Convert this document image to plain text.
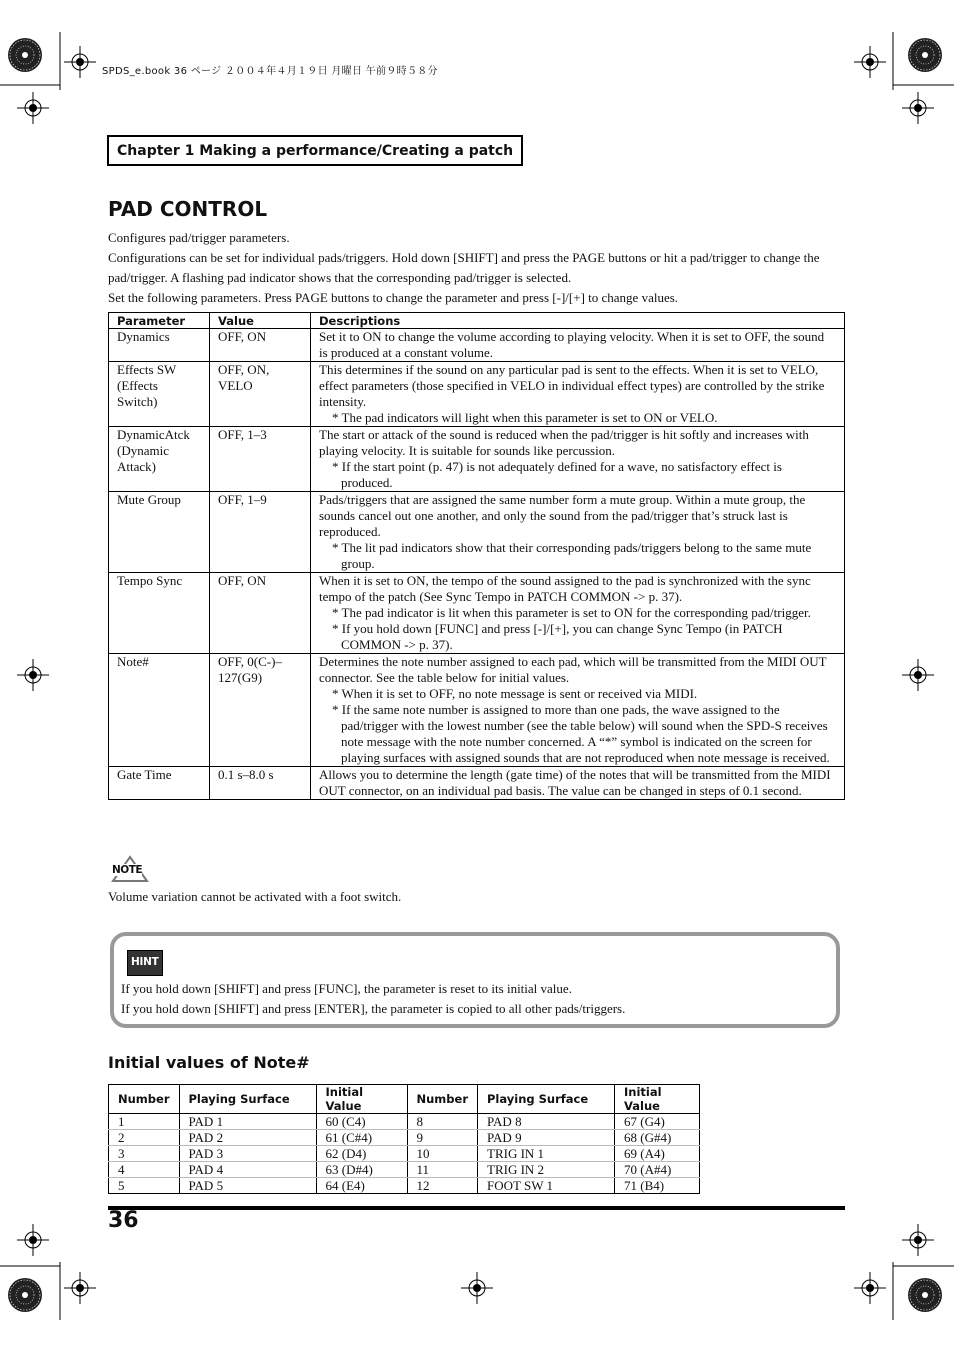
SPDS_e.book 36 ページ ２００４年４月１９日 月曜日 午前９時５８分
Chapter 1 Making a performance/Creating a patch
PAD CONTROL
Configures pad/trigger parameters.
Configurations can be set for individual pads/triggers. Hold down [SHIFT] and press the PAGE buttons or hit a pad/trigger to change the pad/trigger. A flashing pad indicator shows that the corresponding pad/trigger is selected.
Set the following parameters. Press PAGE buttons to change the parameter and press [-]/[+] to change values.
Parameter	Value	Descriptions
Dynamics	OFF, ON	Set it to ON to change the volume according to playing velocity. When it is set to OFF, the sound is produced at a constant volume.

Effects SW (Effects Switch)	OFF, ON, VELO	This determines if the sound on any particular pad is sent to the effects. When it is set to VELO, effect parameters (those specified in VELO in individual effect types) are controlled by the strike intensity.
* The pad indicators will light when this parameter is set to ON or VELO.

DynamicAtck (Dynamic Attack)	OFF, 1–3	The start or attack of the sound is reduced when the pad/trigger is hit softly and increases with playing velocity. It is suitable for sounds like percussion.
* If the start point (p. 47) is not adequately defined for a wave, no satisfactory effect is produced.

Mute Group	OFF, 1–9	Pads/triggers that are assigned the same number form a mute group. Within a mute group, the sounds cancel out one another, and only the sound from the pad/trigger that’s struck last is reproduced.
* The lit pad indicators show that their corresponding pads/triggers belong to the same mute group.

Tempo Sync	OFF, ON	When it is set to ON, the tempo of the sound assigned to the pad is synchronized with the sync tempo of the patch (See Sync Tempo in PATCH COMMON -> p. 37).
* The pad indicator is lit when this parameter is set to ON for the corresponding pad/trigger.
* If you hold down [FUNC] and press [-]/[+], you can change Sync Tempo (in PATCH COMMON -> p. 37).

Note#	OFF, 0(C-)–127(G9)	Determines the note number assigned to each pad, which will be transmitted from the MIDI OUT connector. See the table below for initial values.
* When it is set to OFF, no note message is sent or received via MIDI.
* If the same note number is assigned to more than one pads, the wave assigned to the pad/trigger with the lowest number (see the table below) will sound when the SPD-S receives note message with the note number concerned. A “*” symbol is indicated on the screen for playing surfaces with assigned sounds that are not reproduced when note message is received.

Gate Time	0.1 s–8.0 s	Allows you to determine the length (gate time) of the notes that will be transmitted from the MIDI OUT connector, on an individual pad basis. The value can be changed in steps of 0.1 second.
NOTE
Volume variation cannot be activated with a foot switch.
HINT
If you hold down [SHIFT] and press [FUNC], the parameter is reset to its initial value.
If you hold down [SHIFT] and press [ENTER], the parameter is copied to all other pads/triggers.
Initial values of Note#
Number	Playing Surface	Initial Value	Number	Playing Surface	Initial Value
1	PAD 1	60 (C4)	8	PAD 8	67 (G4)
2	PAD 2	61 (C#4)	9	PAD 9	68 (G#4)
3	PAD 3	62 (D4)	10	TRIG IN 1	69 (A4)
4	PAD 4	63 (D#4)	11	TRIG IN 2	70 (A#4)
5	PAD 5	64 (E4)	12	FOOT SW 1	71 (B4)
36
